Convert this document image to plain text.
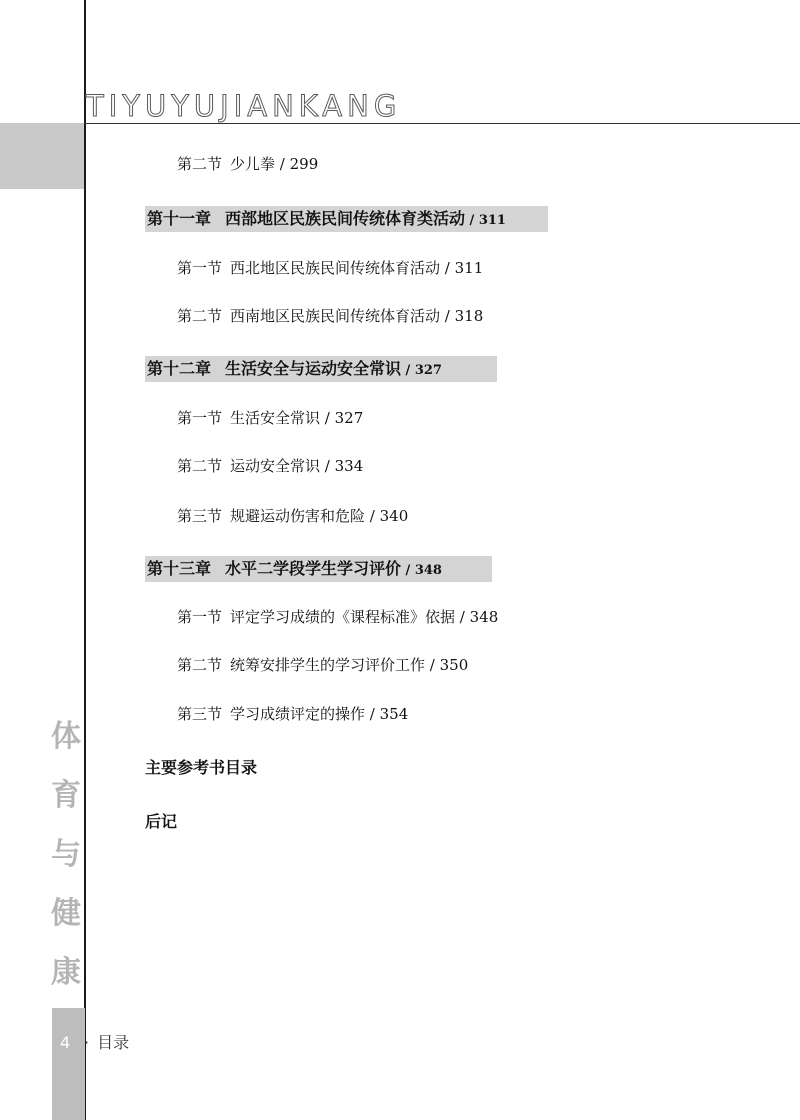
TIYUYUJIANKANG
体
育
与
健
康
4 · 目录
第二节 少儿拳 / 299
第十一章 西部地区民族民间传统体育类活动 / 311
第一节 西北地区民族民间传统体育活动 / 311
第二节 西南地区民族民间传统体育活动 / 318
第十二章 生活安全与运动安全常识 / 327
第一节 生活安全常识 / 327
第二节 运动安全常识 / 334
第三节 规避运动伤害和危险 / 340
第十三章 水平二学段学生学习评价 / 348
第一节 评定学习成绩的《课程标准》依据 / 348
第二节 统筹安排学生的学习评价工作 / 350
第三节 学习成绩评定的操作 / 354
主要参考书目录
后记
